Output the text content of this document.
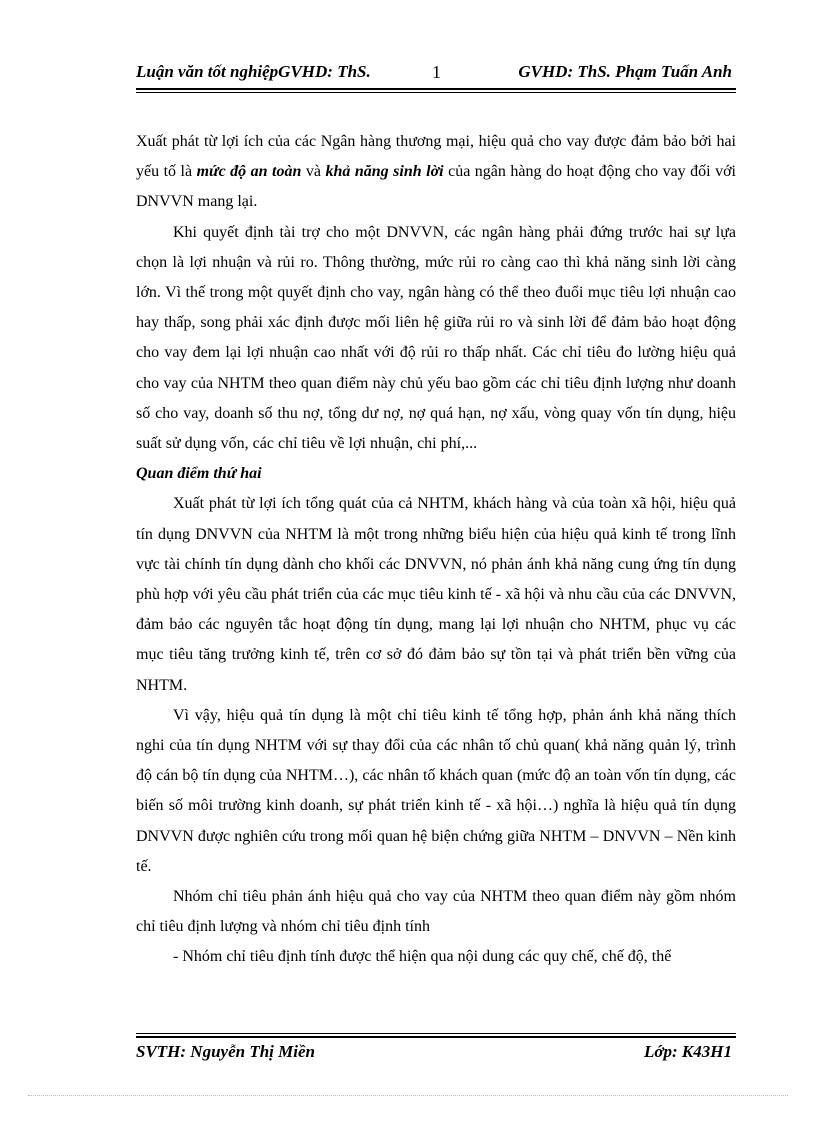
Luận văn tốt nghiệpGVHD: ThS.	1	GVHD: ThS. Phạm Tuấn Anh

Xuất phát từ lợi ích của các Ngân hàng thương mại, hiệu quả cho vay được đảm bảo bởi hai yếu tố là mức độ an toàn và khả năng sinh lời của ngân hàng do hoạt động cho vay đối với DNVVN mang lại.

Khi quyết định tài trợ cho một DNVVN, các ngân hàng phải đứng trước hai sự lựa chọn là lợi nhuận và rủi ro. Thông thường, mức rủi ro càng cao thì khả năng sinh lời càng lớn. Vì thế trong một quyết định cho vay, ngân hàng có thể theo đuổi mục tiêu lợi nhuận cao hay thấp, song phải xác định được mối liên hệ giữa rủi ro và sinh lời để đảm bảo hoạt động cho vay đem lại lợi nhuận cao nhất với độ rủi ro thấp nhất. Các chỉ tiêu đo lường hiệu quả cho vay của NHTM theo quan điểm này chủ yếu bao gồm các chỉ tiêu định lượng như doanh số cho vay, doanh số thu nợ, tổng dư nợ, nợ quá hạn, nợ xấu, vòng quay vốn tín dụng, hiệu suất sử dụng vốn, các chỉ tiêu về lợi nhuận, chi phí,...

Quan điểm thứ hai

Xuất phát từ lợi ích tổng quát của cả NHTM, khách hàng và của toàn xã hội, hiệu quả tín dụng DNVVN của NHTM là một trong những biểu hiện của hiệu quả kinh tế trong lĩnh vực tài chính tín dụng dành cho khối các DNVVN, nó phản ánh khả năng cung ứng tín dụng phù hợp với yêu cầu phát triển của các mục tiêu kinh tế - xã hội và nhu cầu của các DNVVN, đảm bảo các nguyên tắc hoạt động tín dụng, mang lại lợi nhuận cho NHTM, phục vụ các mục tiêu tăng trưởng kinh tế, trên cơ sở đó đảm bảo sự tồn tại và phát triển bền vững của NHTM.

Vì vậy, hiệu quả tín dụng là một chỉ tiêu kinh tế tổng hợp, phản ánh khả năng thích nghi của tín dụng NHTM với sự thay đổi của các nhân tố chủ quan( khả năng quản lý, trình độ cán bộ tín dụng của NHTM…), các nhân tố khách quan (mức độ an toàn vốn tín dụng, các biến số môi trường kinh doanh, sự phát triển kinh tế - xã hội…) nghĩa là hiệu quả tín dụng DNVVN được nghiên cứu trong mối quan hệ biện chứng giữa NHTM – DNVVN – Nền kinh tế.

Nhóm chỉ tiêu phản ánh hiệu quả cho vay của NHTM theo quan điểm này gồm nhóm chỉ tiêu định lượng và nhóm chỉ tiêu định tính

- Nhóm chỉ tiêu định tính được thể hiện qua nội dung các quy chế, chế độ, thể

SVTH: Nguyễn Thị Miền	Lớp: K43H1
